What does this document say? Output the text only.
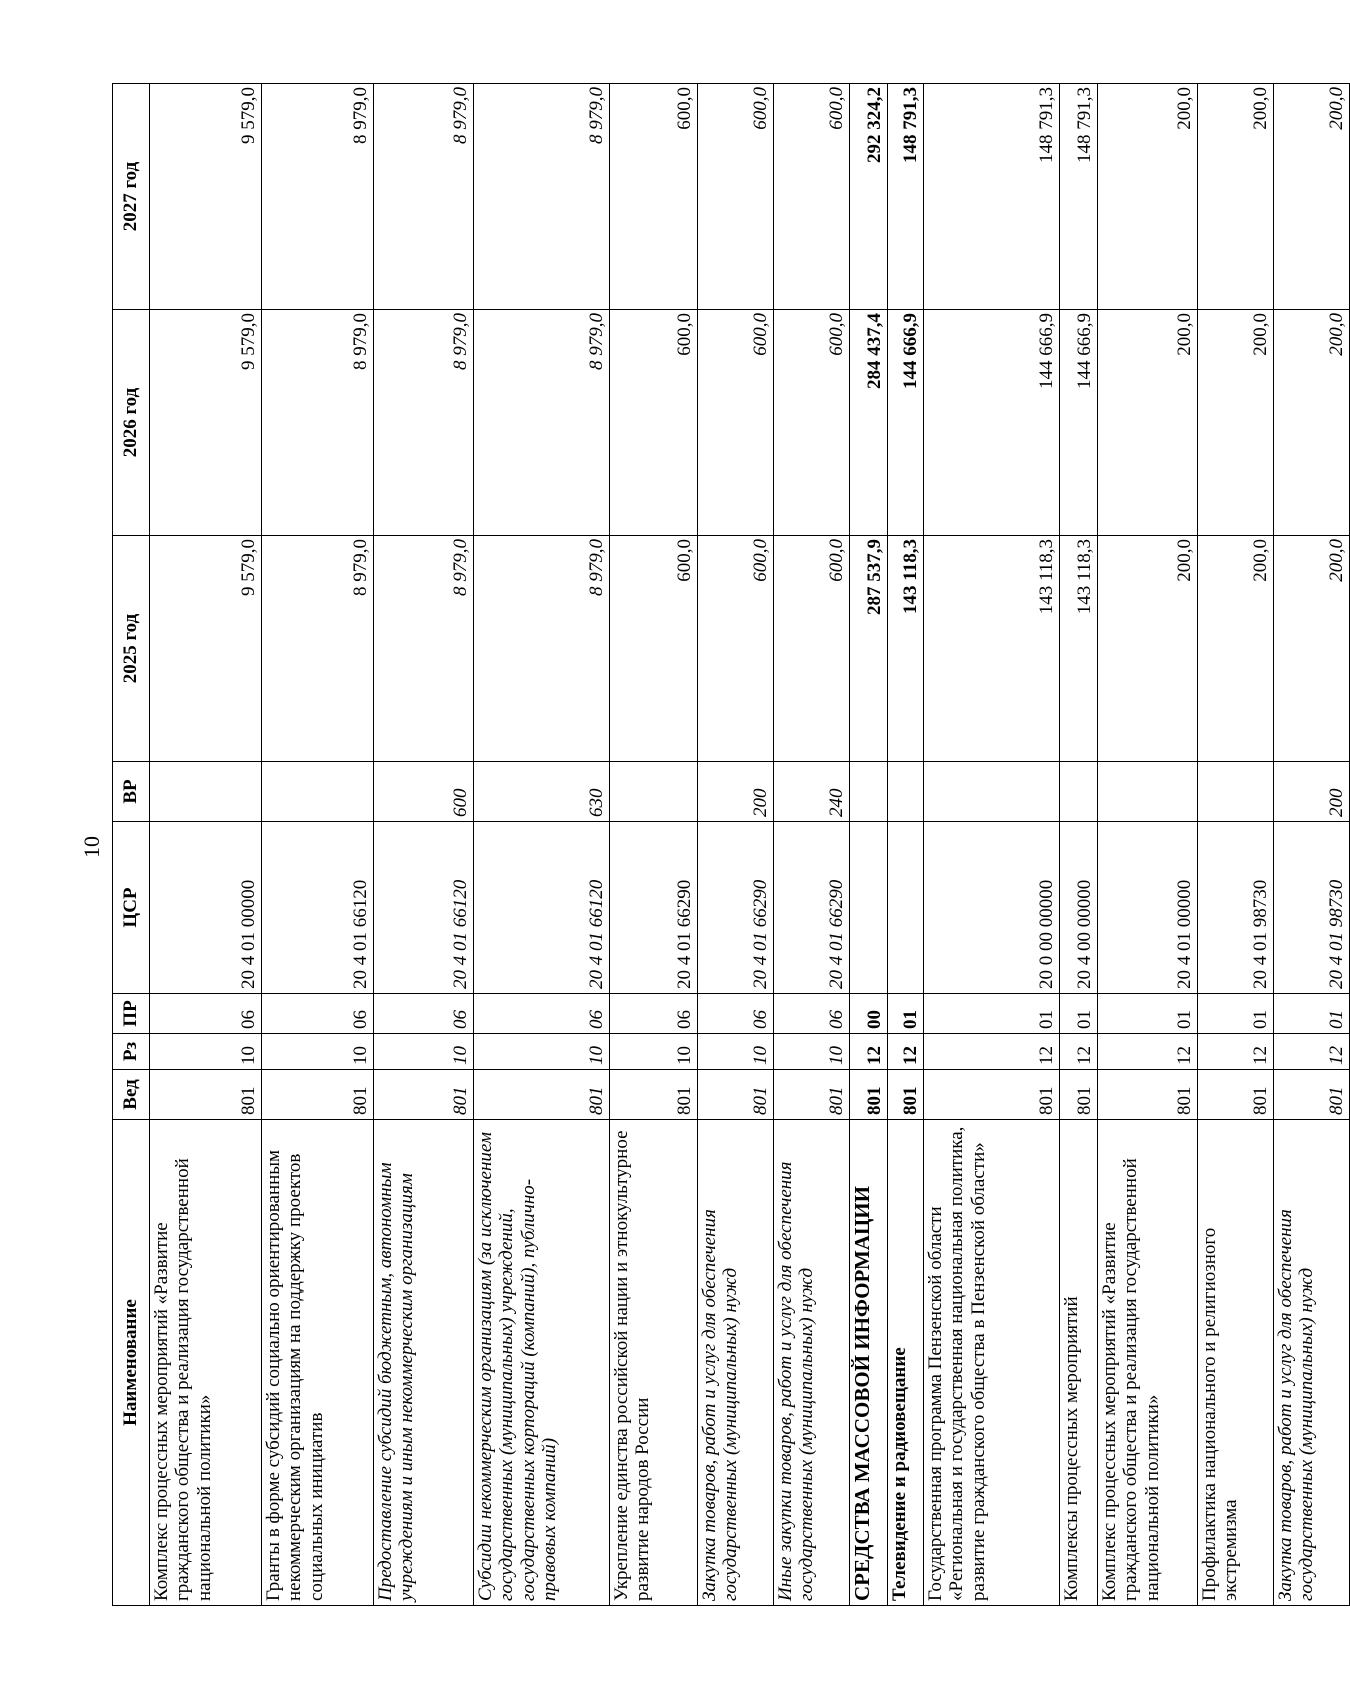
10
Наименование	Вед	Рз	ПР	ЦСР	ВР	2025 год	2026 год	2027 год
Комплекс процессных мероприятий «Развитие гражданского общества и реализация государственной национальной политики»	801	10	06	20 4 01 00000		9 579,0	9 579,0	9 579,0
Гранты в форме субсидий социально ориентированным некоммерческим организациям на поддержку проектов социальных инициатив	801	10	06	20 4 01 66120		8 979,0	8 979,0	8 979,0
Предоставление субсидий бюджетным, автономным учреждениям и иным некоммерческим организациям	801	10	06	20 4 01 66120	600	8 979,0	8 979,0	8 979,0
Субсидии некоммерческим организациям (за исключением государственных (муниципальных) учреждений, государственных корпораций (компаний), публично-правовых компаний)	801	10	06	20 4 01 66120	630	8 979,0	8 979,0	8 979,0
Укрепление единства российской нации и этнокультурное развитие народов России	801	10	06	20 4 01 66290		600,0	600,0	600,0
Закупка товаров, работ и услуг для обеспечения государственных (муниципальных) нужд	801	10	06	20 4 01 66290	200	600,0	600,0	600,0
Иные закупки товаров, работ и услуг для обеспечения государственных (муниципальных) нужд	801	10	06	20 4 01 66290	240	600,0	600,0	600,0
СРЕДСТВА МАССОВОЙ ИНФОРМАЦИИ	801	12	00			287 537,9	284 437,4	292 324,2
Телевидение и радиовещание	801	12	01			143 118,3	144 666,9	148 791,3
Государственная программа Пензенской области «Региональная и государственная национальная политика, развитие гражданского общества в Пензенской области»	801	12	01	20 0 00 00000		143 118,3	144 666,9	148 791,3
Комплексы процессных мероприятий	801	12	01	20 4 00 00000		143 118,3	144 666,9	148 791,3
Комплекс процессных мероприятий «Развитие гражданского общества и реализация государственной национальной политики»	801	12	01	20 4 01 00000		200,0	200,0	200,0
Профилактика национального и религиозного экстремизма	801	12	01	20 4 01 98730		200,0	200,0	200,0
Закупка товаров, работ и услуг для обеспечения государственных (муниципальных) нужд	801	12	01	20 4 01 98730	200	200,0	200,0	200,0
